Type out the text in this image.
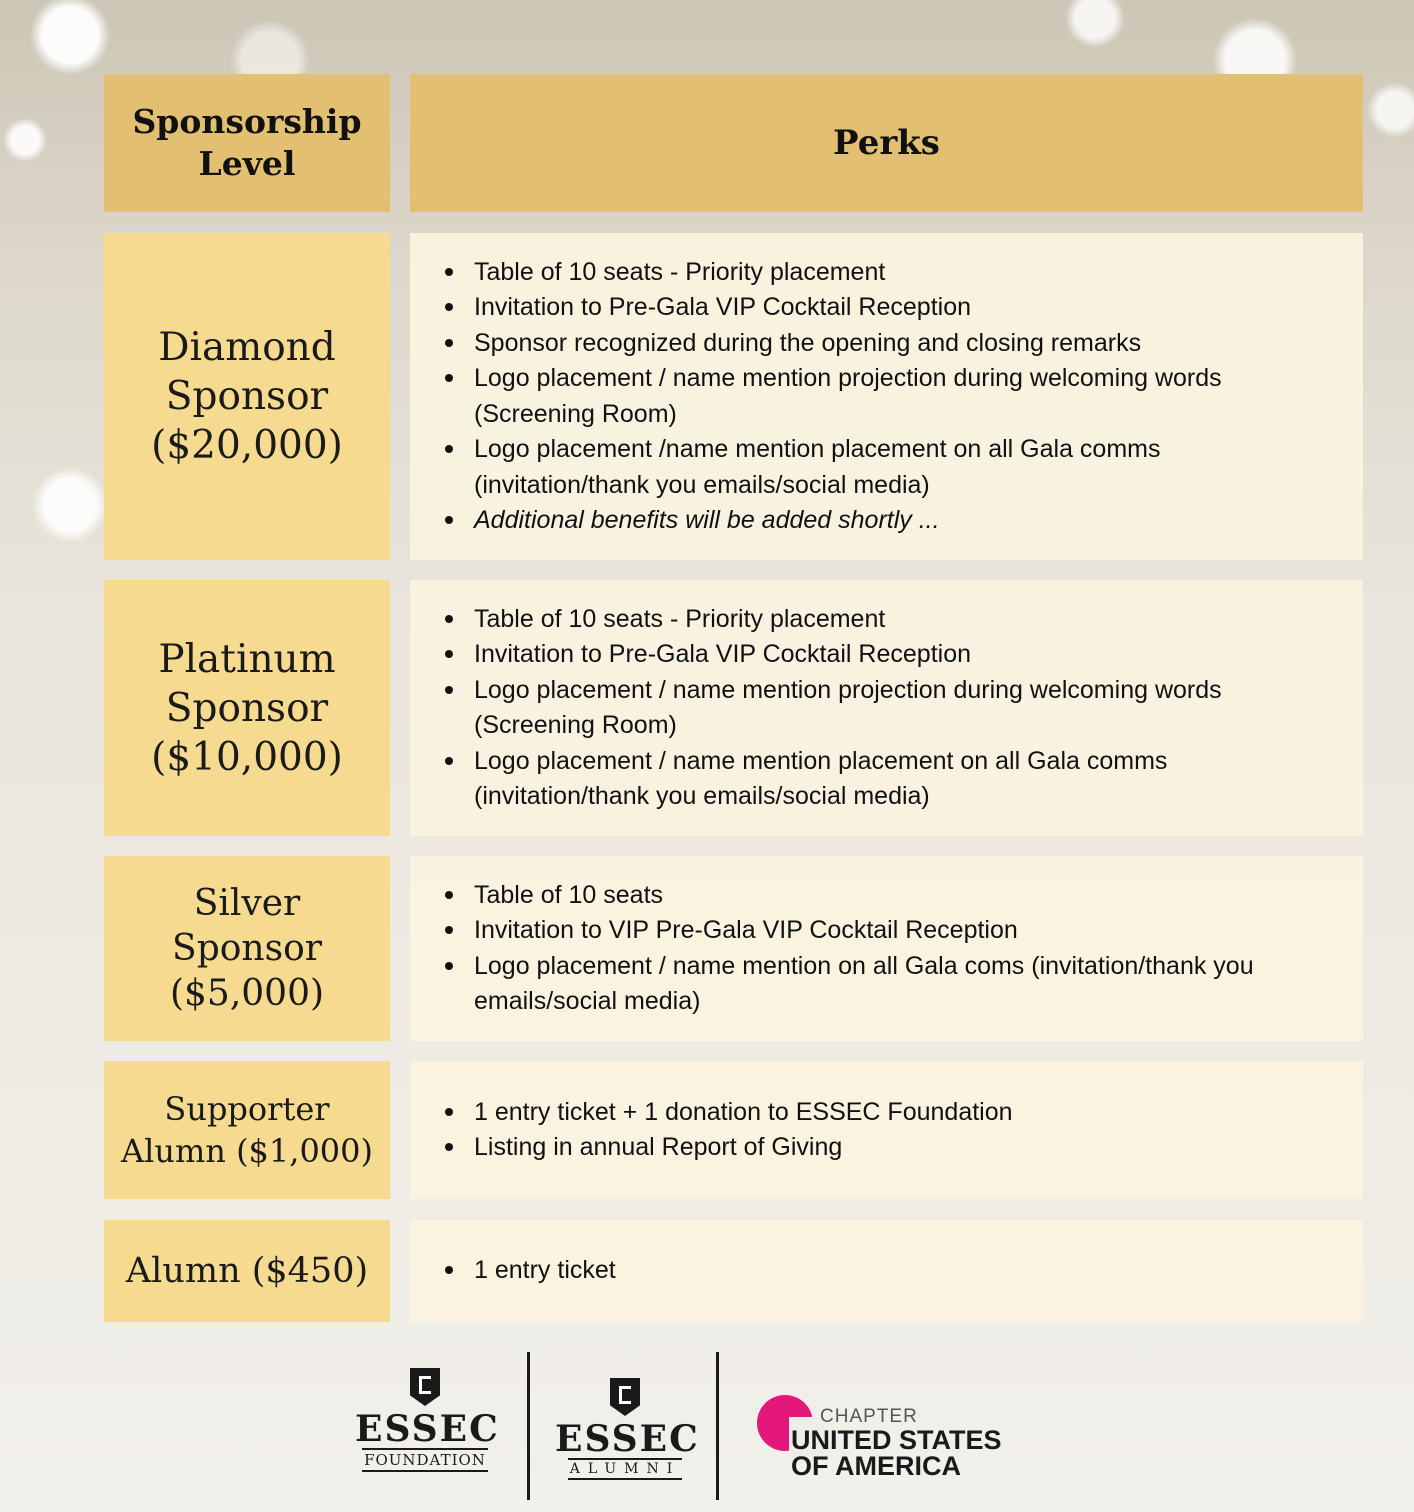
Sponsorship
Level
Perks
Diamond
Sponsor
($20,000)
Table of 10 seats - Priority placement
Invitation to Pre-Gala VIP Cocktail Reception
Sponsor recognized during the opening and closing remarks
Logo placement / name mention projection during welcoming words (Screening Room)
Logo placement /name mention placement on all Gala comms (invitation/thank you emails/social media)
Additional benefits will be added shortly ...
Platinum
Sponsor
($10,000)
Table of 10 seats - Priority placement
Invitation to Pre-Gala VIP Cocktail Reception
Logo placement / name mention projection during welcoming words (Screening Room)
Logo placement / name mention placement on all Gala comms (invitation/thank you emails/social media)
Silver Sponsor
($5,000)
Table of 10 seats
Invitation to VIP Pre-Gala VIP Cocktail Reception
Logo placement / name mention on all Gala coms (invitation/thank you emails/social media)
Supporter
Alumn ($1,000)
1 entry ticket + 1 donation to ESSEC Foundation
Listing in annual Report of Giving
Alumn ($450)	1 entry ticket
ESSEC
FOUNDATION ESSEC
ALUMNI
CHAPTER
UNITED STATES
OF AMERICA
